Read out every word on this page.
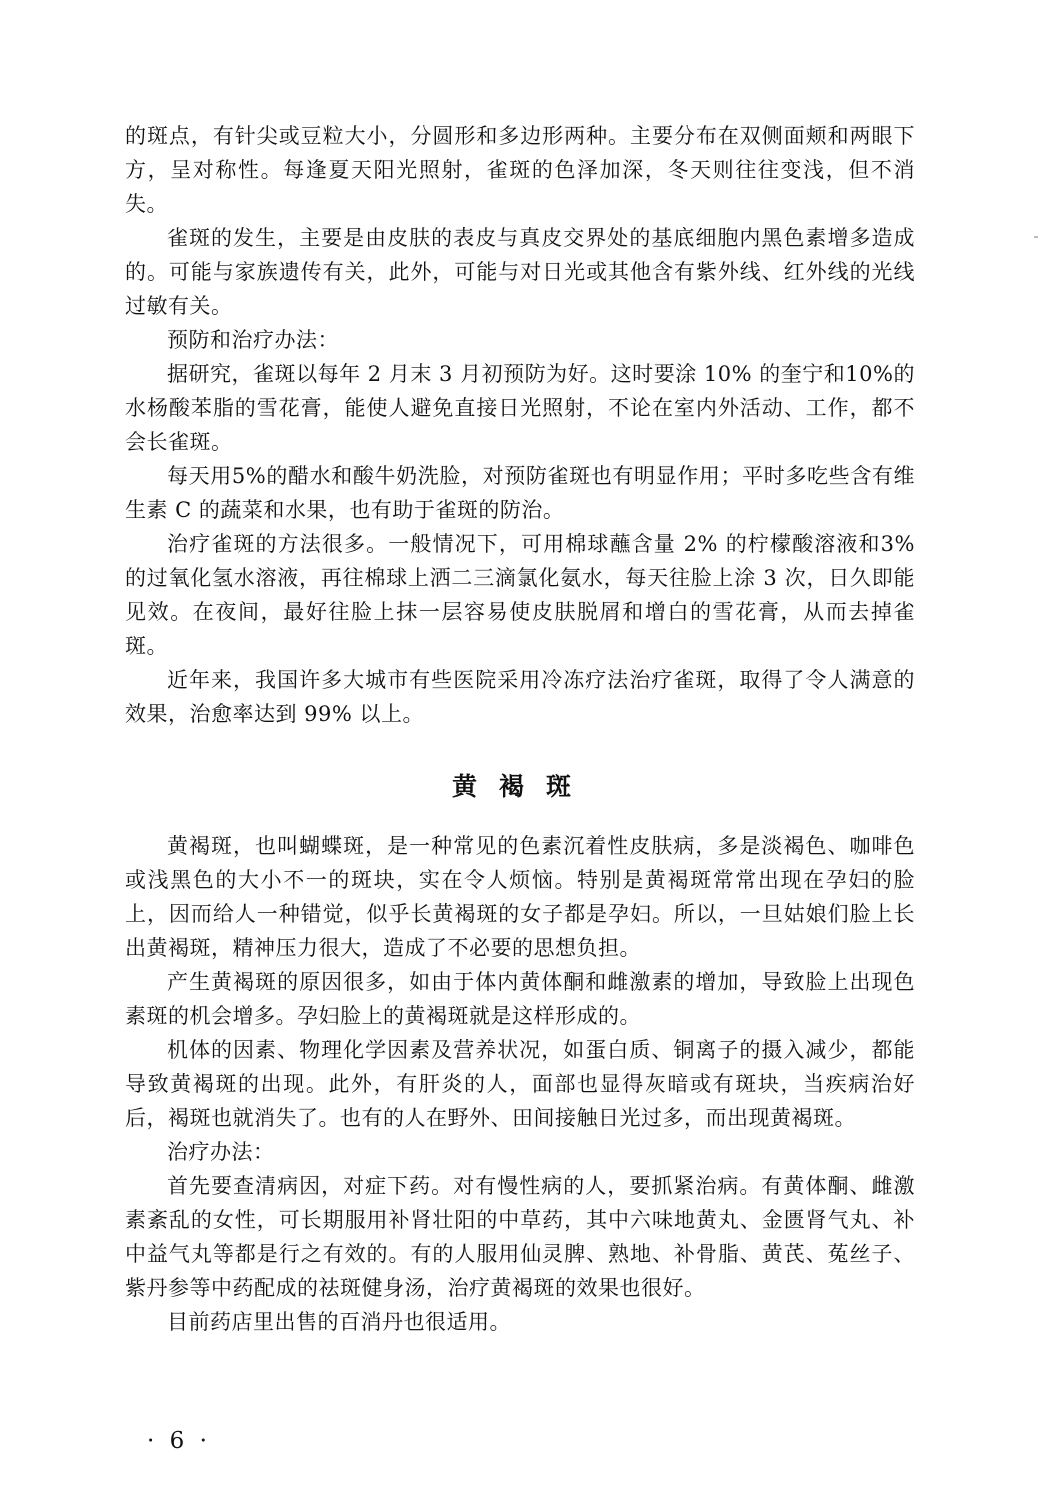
的斑点，有针尖或豆粒大小，分圆形和多边形两种。主要分布在双侧面颊和两眼下方，呈对称性。每逢夏天阳光照射，雀斑的色泽加深，冬天则往往变浅，但不消失。

雀斑的发生，主要是由皮肤的表皮与真皮交界处的基底细胞内黑色素增多造成的。可能与家族遗传有关，此外，可能与对日光或其他含有紫外线、红外线的光线过敏有关。

预防和治疗办法：

据研究，雀斑以每年 2 月末 3 月初预防为好。这时要涂 10% 的奎宁和10%的水杨酸苯脂的雪花膏，能使人避免直接日光照射，不论在室内外活动、工作，都不会长雀斑。

每天用5%的醋水和酸牛奶洗脸，对预防雀斑也有明显作用；平时多吃些含有维生素 C 的蔬菜和水果，也有助于雀斑的防治。

治疗雀斑的方法很多。一般情况下，可用棉球蘸含量 2% 的柠檬酸溶液和3%的过氧化氢水溶液，再往棉球上洒二三滴氯化氨水，每天往脸上涂 3 次，日久即能见效。在夜间，最好往脸上抹一层容易使皮肤脱屑和增白的雪花膏，从而去掉雀斑。

近年来，我国许多大城市有些医院采用冷冻疗法治疗雀斑，取得了令人满意的效果，治愈率达到 99% 以上。

黄褐斑

黄褐斑，也叫蝴蝶斑，是一种常见的色素沉着性皮肤病，多是淡褐色、咖啡色或浅黑色的大小不一的斑块，实在令人烦恼。特别是黄褐斑常常出现在孕妇的脸上，因而给人一种错觉，似乎长黄褐斑的女子都是孕妇。所以，一旦姑娘们脸上长出黄褐斑，精神压力很大，造成了不必要的思想负担。

产生黄褐斑的原因很多，如由于体内黄体酮和雌激素的增加，导致脸上出现色素斑的机会增多。孕妇脸上的黄褐斑就是这样形成的。

机体的因素、物理化学因素及营养状况，如蛋白质、铜离子的摄入减少，都能导致黄褐斑的出现。此外，有肝炎的人，面部也显得灰暗或有斑块，当疾病治好后，褐斑也就消失了。也有的人在野外、田间接触日光过多，而出现黄褐斑。

治疗办法：

首先要查清病因，对症下药。对有慢性病的人，要抓紧治病。有黄体酮、雌激素紊乱的女性，可长期服用补肾壮阳的中草药，其中六味地黄丸、金匮肾气丸、补中益气丸等都是行之有效的。有的人服用仙灵脾、熟地、补骨脂、黄芪、菟丝子、紫丹参等中药配成的祛斑健身汤，治疗黄褐斑的效果也很好。

目前药店里出售的百消丹也很适用。

· 6 ·
